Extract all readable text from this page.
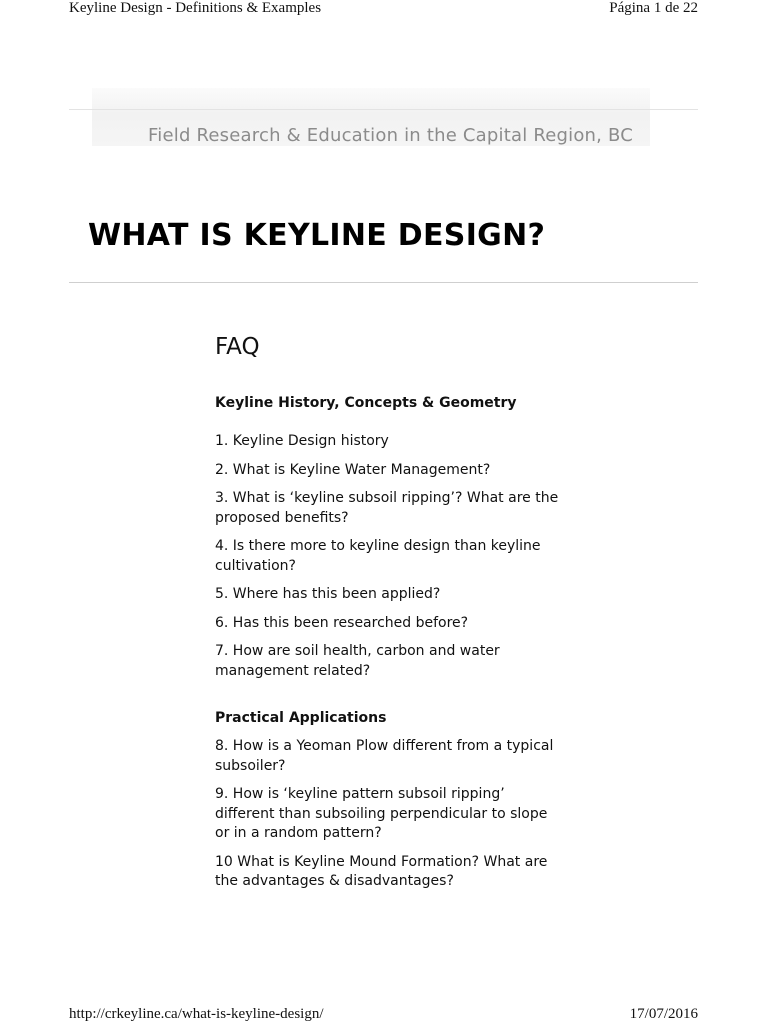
Keyline Design - Definitions & Examples	Página 1 de 22
Field Research & Education in the Capital Region, BC
WHAT IS KEYLINE DESIGN?
FAQ
Keyline History, Concepts & Geometry
1. Keyline Design history
2. What is Keyline Water Management?
3. What is ‘keyline subsoil ripping’? What are the proposed benefits?
4. Is there more to keyline design than keyline cultivation?
5. Where has this been applied?
6. Has this been researched before?
7. How are soil health, carbon and water management related?
Practical Applications
8. How is a Yeoman Plow different from a typical subsoiler?
9. How is ‘keyline pattern subsoil ripping’ different than subsoiling perpendicular to slope or in a random pattern?
10 What is Keyline Mound Formation? What are the advantages & disadvantages?
http://crkeyline.ca/what-is-keyline-design/	17/07/2016
